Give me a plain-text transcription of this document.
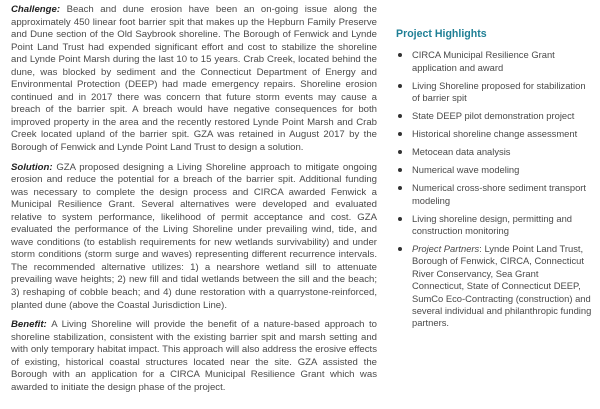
Challenge: Beach and dune erosion have been an on-going issue along the approximately 450 linear foot barrier spit that makes up the Hepburn Family Preserve and Dune section of the Old Saybrook shoreline. The Borough of Fenwick and Lynde Point Land Trust had expended significant effort and cost to stabilize the shoreline and Lynde Point Marsh during the last 10 to 15 years. Crab Creek, located behind the dune, was blocked by sediment and the Connecticut Department of Energy and Environmental Protection (DEEP) had made emergency repairs. Shoreline erosion continued and in 2017 there was concern that future storm events may cause a breach of the barrier spit. A breach would have negative consequences for both improved property in the area and the recently restored Lynde Point Marsh and Crab Creek located upland of the barrier spit. GZA was retained in August 2017 by the Borough of Fenwick and Lynde Point Land Trust to design a solution.

Solution: GZA proposed designing a Living Shoreline approach to mitigate ongoing erosion and reduce the potential for a breach of the barrier spit. Additional funding was necessary to complete the design process and CIRCA awarded Fenwick a Municipal Resilience Grant. Several alternatives were developed and evaluated relative to system performance, likelihood of permit acceptance and cost. GZA evaluated the performance of the Living Shoreline under prevailing wind, tide, and wave conditions (to establish requirements for new wetlands survivability) and under storm conditions (storm surge and waves) representing different recurrence intervals. The recommended alternative utilizes: 1) a nearshore wetland sill to attenuate prevailing wave heights; 2) new fill and tidal wetlands between the sill and the beach; 3) reshaping of cobble beach; and 4) dune restoration with a quarrystone-reinforced, planted dune (above the Coastal Jurisdiction Line).

Benefit: A Living Shoreline will provide the benefit of a nature-based approach to shoreline stabilization, consistent with the existing barrier spit and marsh setting and with only temporary habitat impact. This approach will also address the erosive effects of existing, historical coastal structures located near the site. GZA assisted the Borough with an application for a CIRCA Municipal Resilience Grant which was awarded to initiate the design phase of the project.

Project Highlights
CIRCA Municipal Resilience Grant application and award
Living Shoreline proposed for stabilization of barrier spit
State DEEP pilot demonstration project
Historical shoreline change assessment
Metocean data analysis
Numerical wave modeling
Numerical cross-shore sediment transport modeling
Living shoreline design, permitting and construction monitoring
Project Partners: Lynde Point Land Trust, Borough of Fenwick, CIRCA, Connecticut River Conservancy, Sea Grant Connecticut, State of Connecticut DEEP, SumCo Eco-Contracting (construction) and several individual and philanthropic funding partners.
